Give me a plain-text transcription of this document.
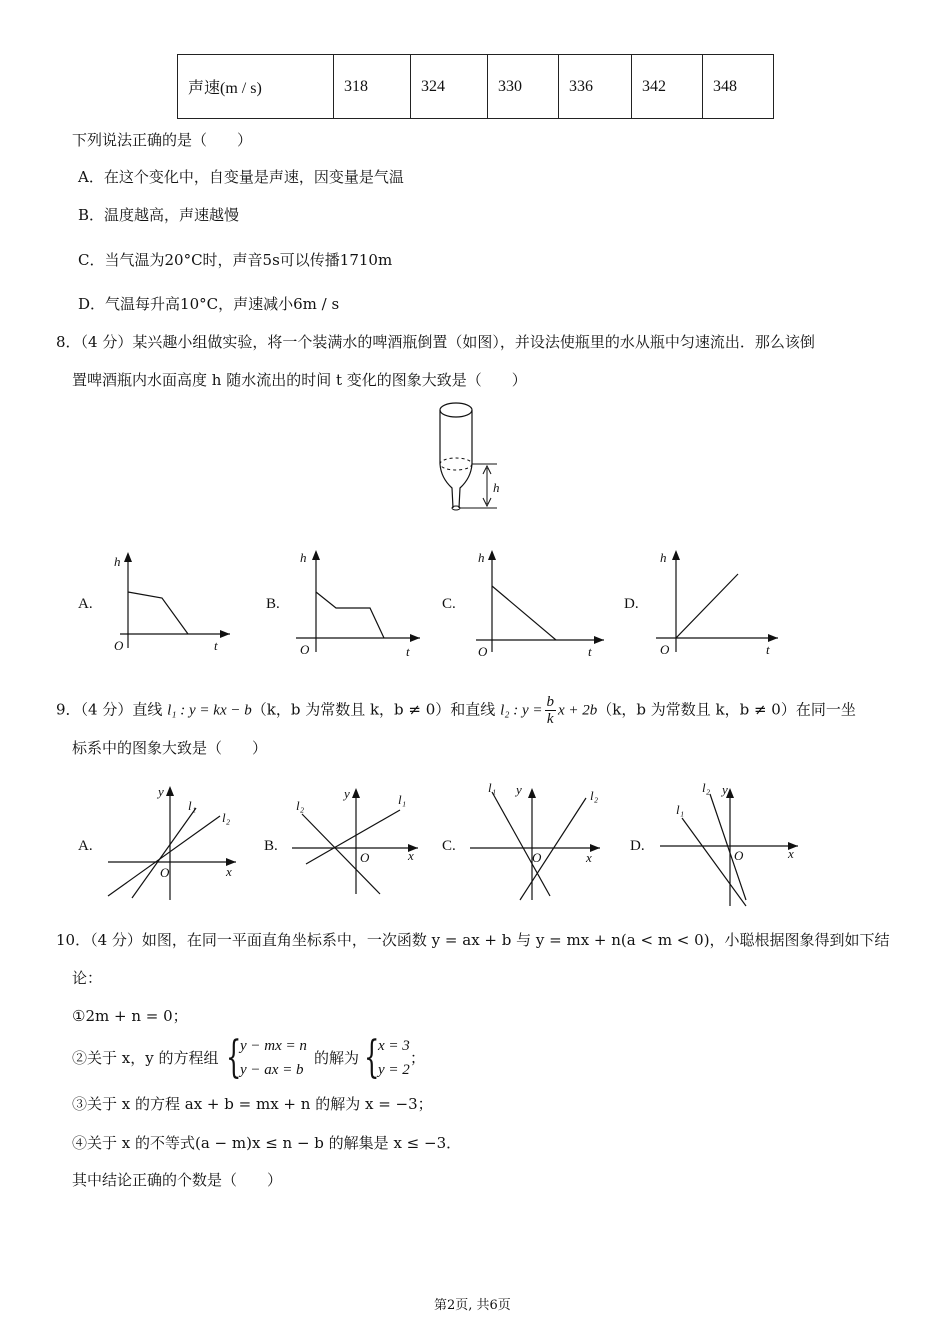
声速(m / s)	318	324	330	336	342	348
下列说法正确的是（　　）
A．在这个变化中，自变量是声速，因变量是气温
B．温度越高，声速越慢
C．当气温为20°C时，声音5s可以传播1710m
D．气温每升高10°C，声速减小6m / s
8．（4 分）某兴趣小组做实验，将一个装满水的啤酒瓶倒置（如图），并设法使瓶里的水从瓶中匀速流出．那么该倒
置啤酒瓶内水面高度 h 随水流出的时间 t 变化的图象大致是（　　）
h
A.
h
O	t
B.
h
O	t
C.
h
O	t
D.
h
O	t
9．（4 分）直线 l₁ : y = kx − b（k，b 为常数且 k，b ≠ 0）和直线 l₂ : $y = \frac{b}{k}$ x + 2b（k，b 为常数且 k，b ≠ 0）在同一坐
标系中的图象大致是（　　）
A.
y
x
O
l₁
l₂
B.
y
x
O
l₁
l₂
C.
y
x
O
l₁
l₂
D.
y
x
O
l₁
l₂
10．（4 分）如图，在同一平面直角坐标系中，一次函数 y = ax + b 与 y = mx + n(a < m < 0)，小聪根据图象得到如下结
论：
①2m + n = 0；
②关于 x，y 的方程组 {
y − mx = n
y − ax = b
的解为 {
x = 3
y = 2
；
③关于 x 的方程 ax + b = mx + n 的解为 x = −3；
④关于 x 的不等式(a − m)x ≤ n − b 的解集是 x ≤ −3．
其中结论正确的个数是（　　）
第2页, 共6页
